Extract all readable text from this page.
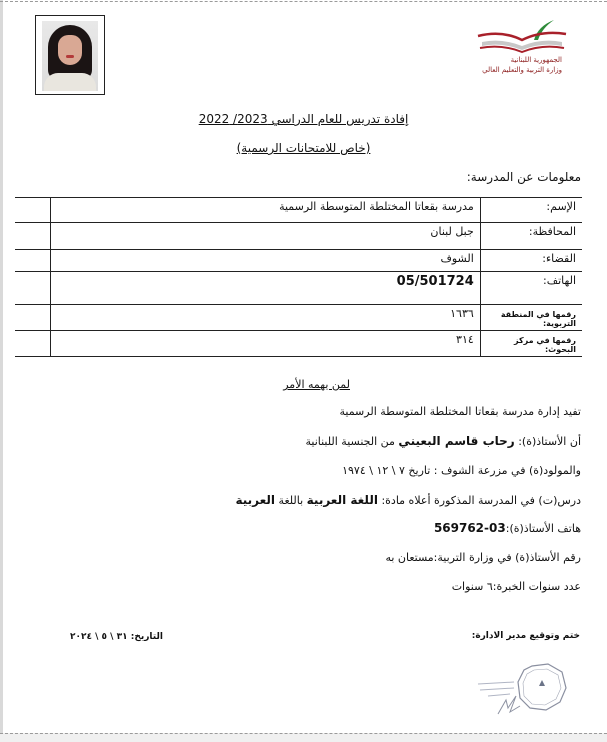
الجمهورية اللبنانية
وزارة التربية والتعليم العالي
إفادة تدريس للعام الدراسي 2023/ 2022
(خاص للامتحانات الرسمية)
معلومات عن المدرسة:
الإسم:	مدرسة بقعاتا المختلطة المتوسطة الرسمية	
المحافظة:	جبل لبنان	
القضاء:	الشوف	
الهاتف:	05/501724	
رقمها في المنطقة التربوية:	١٦٣٦	
رقمها في مركز البحوث:	٣١٤	
لمن يهمه الأمر
تفيد إدارة مدرسة بقعاتا المختلطة المتوسطة الرسمية
أن الأستاذ(ة): رحاب قاسم البعيني من الجنسية اللبنانية
والمولود(ة) في مزرعة الشوف : تاريخ ٧ \ ١٢ \ ١٩٧٤
درس(ت) في المدرسة المذكورة أعلاه مادة: اللغة العربية باللغة العربية
هاتف الأستاذ(ة):03-569762
رقم الأستاذ(ة) في وزارة التربية:مستعان به
عدد سنوات الخبرة:٦ سنوات
ختم وتوقيع مدير الادارة:
التاريخ: ٣١ \ ٥ \ ٢٠٢٤
